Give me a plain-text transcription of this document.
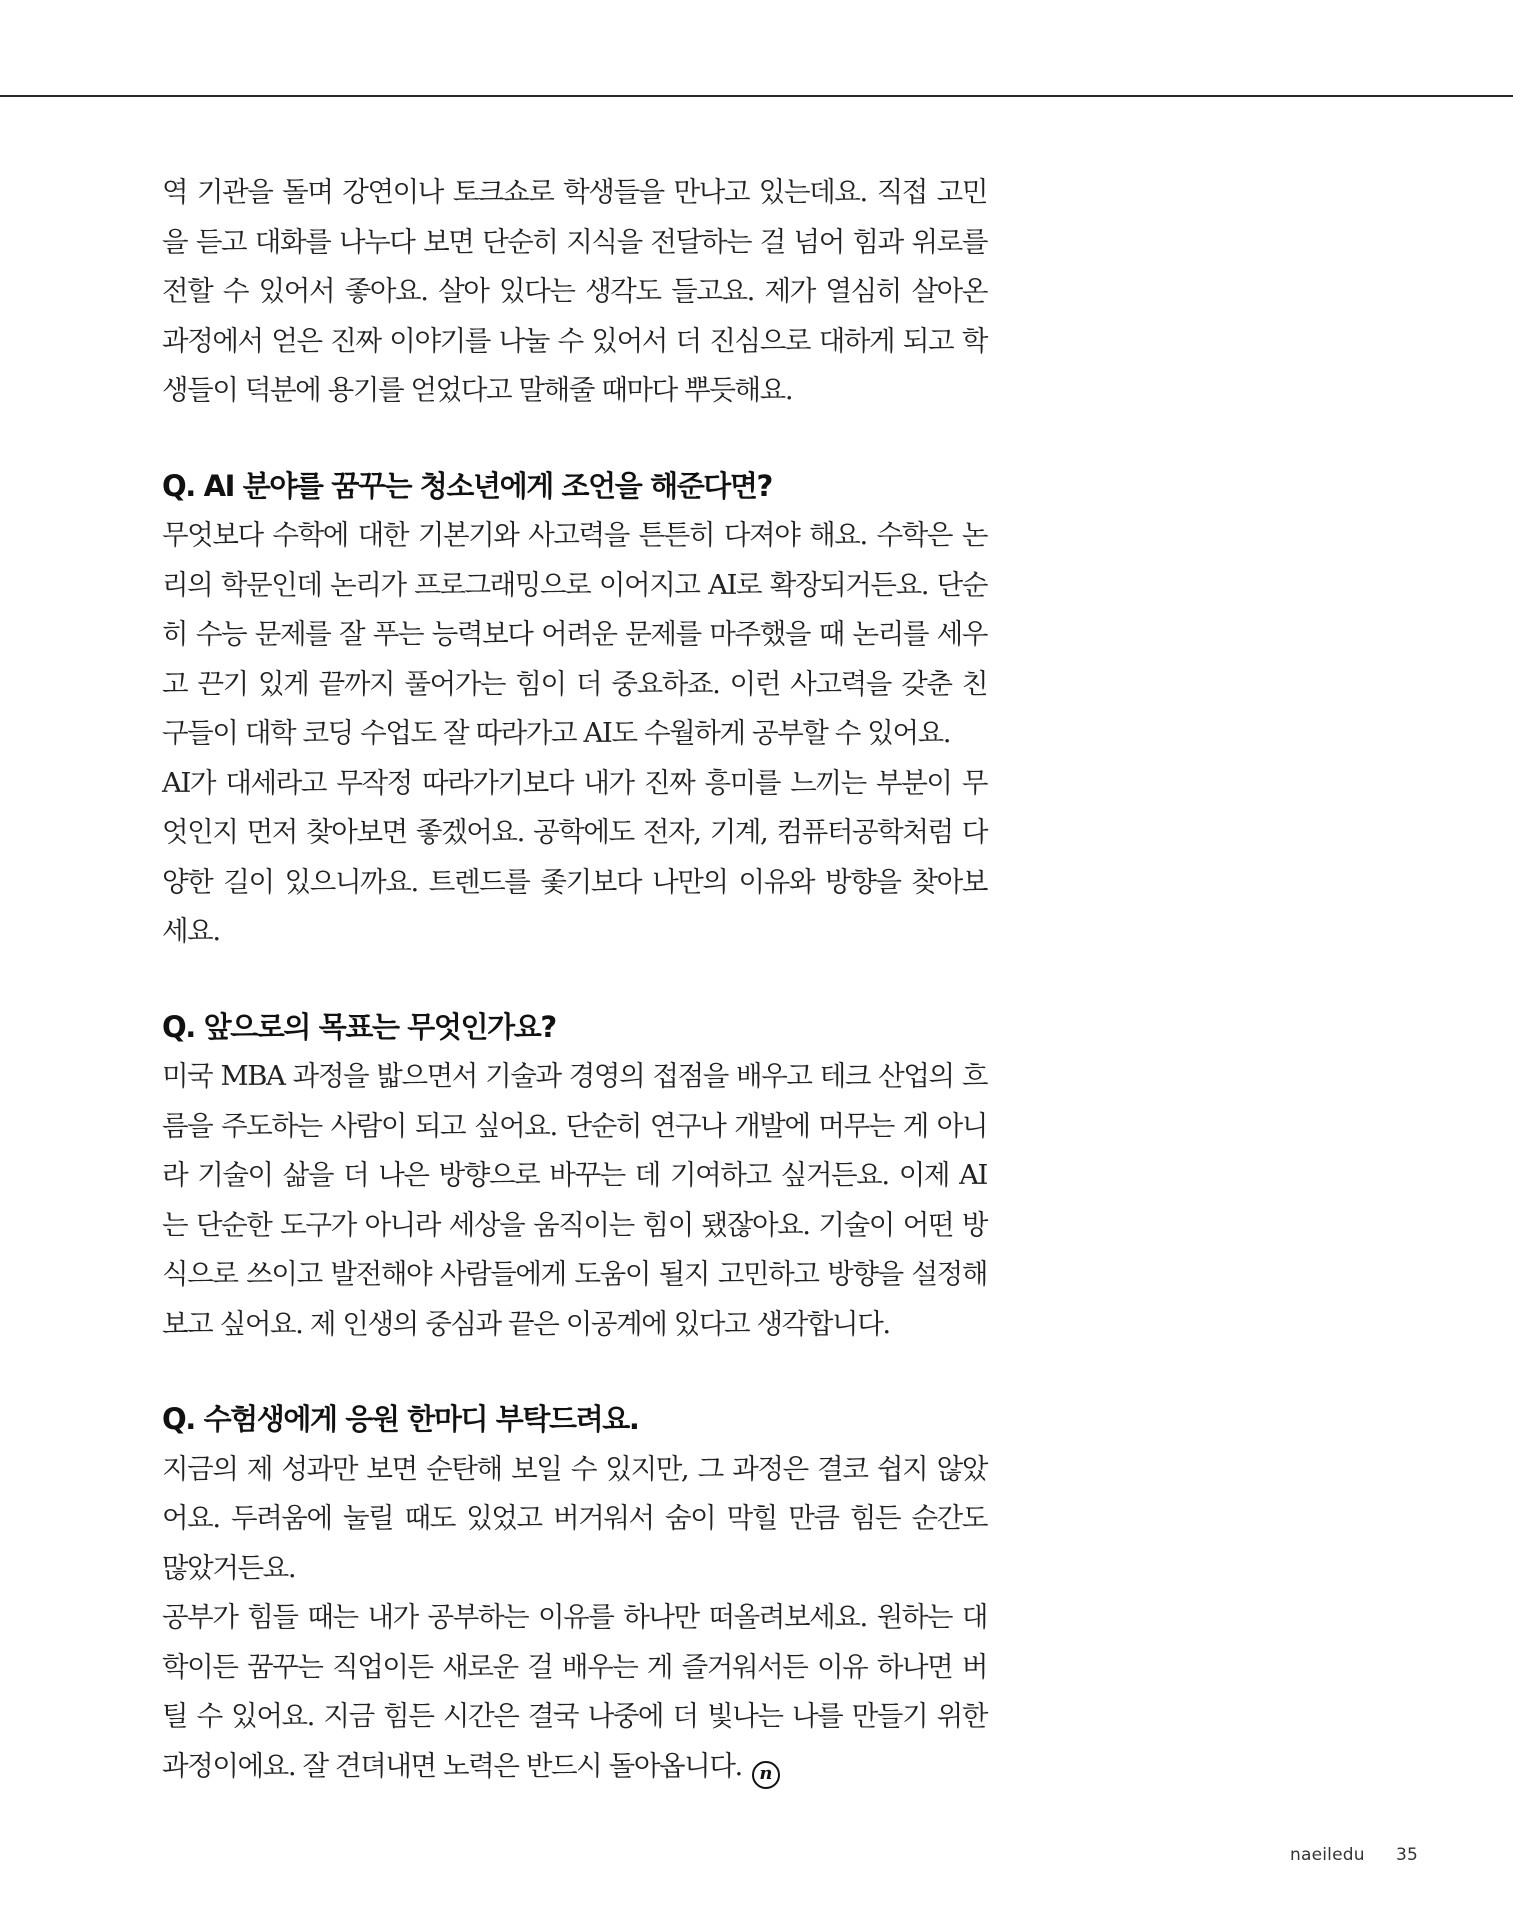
역 기관을 돌며 강연이나 토크쇼로 학생들을 만나고 있는데요. 직접 고민 을 듣고 대화를 나누다 보면 단순히 지식을 전달하는 걸 넘어 힘과 위로를 전할 수 있어서 좋아요. 살아 있다는 생각도 들고요. 제가 열심히 살아온 과정에서 얻은 진짜 이야기를 나눌 수 있어서 더 진심으로 대하게 되고 학 생들이 덕분에 용기를 얻었다고 말해줄 때마다 뿌듯해요.

Q. AI 분야를 꿈꾸는 청소년에게 조언을 해준다면?

무엇보다 수학에 대한 기본기와 사고력을 튼튼히 다져야 해요. 수학은 논 리의 학문인데 논리가 프로그래밍으로 이어지고 AI로 확장되거든요. 단순 히 수능 문제를 잘 푸는 능력보다 어려운 문제를 마주했을 때 논리를 세우 고 끈기 있게 끝까지 풀어가는 힘이 더 중요하죠. 이런 사고력을 갖춘 친 구들이 대학 코딩 수업도 잘 따라가고 AI도 수월하게 공부할 수 있어요.

AI가 대세라고 무작정 따라가기보다 내가 진짜 흥미를 느끼는 부분이 무 엇인지 먼저 찾아보면 좋겠어요. 공학에도 전자, 기계, 컴퓨터공학처럼 다 양한 길이 있으니까요. 트렌드를 좇기보다 나만의 이유와 방향을 찾아보 세요.

Q. 앞으로의 목표는 무엇인가요?

미국 MBA 과정을 밟으면서 기술과 경영의 접점을 배우고 테크 산업의 흐 름을 주도하는 사람이 되고 싶어요. 단순히 연구나 개발에 머무는 게 아니 라 기술이 삶을 더 나은 방향으로 바꾸는 데 기여하고 싶거든요. 이제 AI 는 단순한 도구가 아니라 세상을 움직이는 힘이 됐잖아요. 기술이 어떤 방 식으로 쓰이고 발전해야 사람들에게 도움이 될지 고민하고 방향을 설정해 보고 싶어요. 제 인생의 중심과 끝은 이공계에 있다고 생각합니다.

Q. 수험생에게 응원 한마디 부탁드려요.

지금의 제 성과만 보면 순탄해 보일 수 있지만, 그 과정은 결코 쉽지 않았 어요. 두려움에 눌릴 때도 있었고 버거워서 숨이 막힐 만큼 힘든 순간도 많았거든요.

공부가 힘들 때는 내가 공부하는 이유를 하나만 떠올려보세요. 원하는 대 학이든 꿈꾸는 직업이든 새로운 걸 배우는 게 즐거워서든 이유 하나면 버 틸 수 있어요. 지금 힘든 시간은 결국 나중에 더 빛나는 나를 만들기 위한 과정이에요. 잘 견뎌내면 노력은 반드시 돌아옵니다. n

naeiledu 35
